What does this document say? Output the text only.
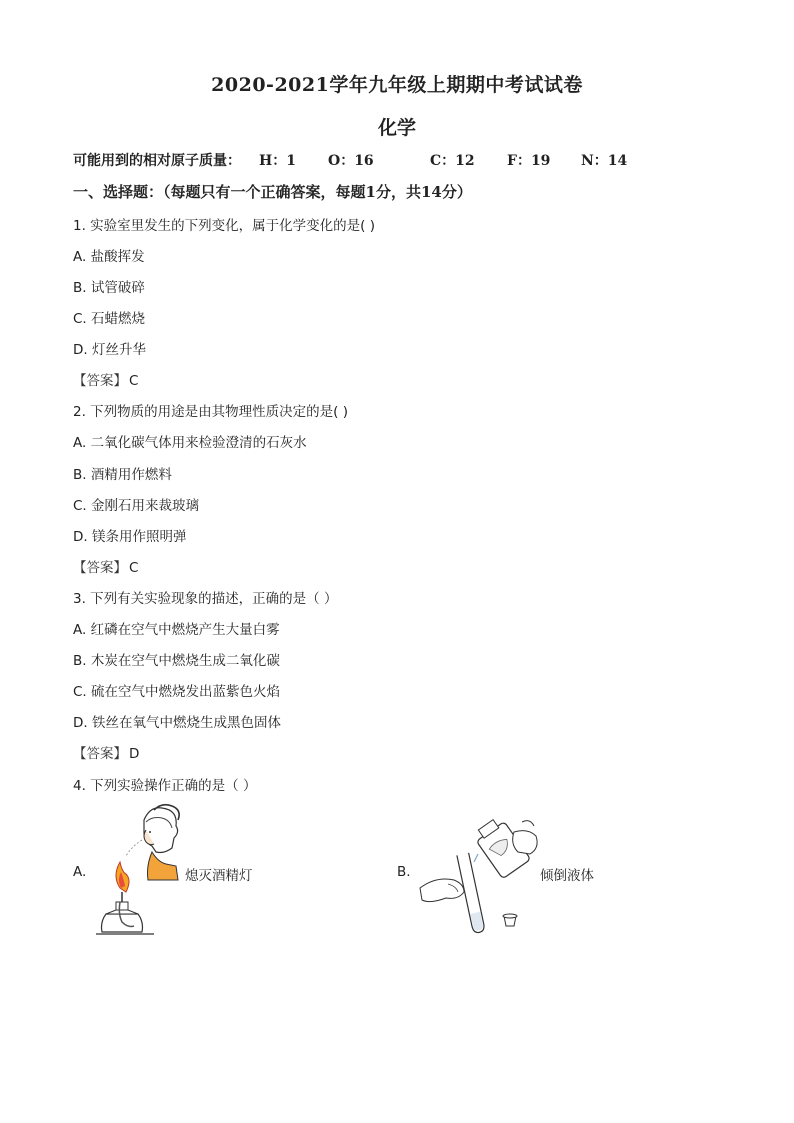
2020-2021学年九年级上期期中考试试卷
化学
可能用到的相对原子质量： H：1 O：16	C：12 F：19 N：14
一、选择题：（每题只有一个正确答案，每题1分，共14分）
1. 实验室里发生的下列变化，属于化学变化的是( )
A. 盐酸挥发
B. 试管破碎
C. 石蜡燃烧
D. 灯丝升华
【答案】 C
2. 下列物质的用途是由其物理性质决定的是( )
A. 二氧化碳气体用来检验澄清的石灰水
B. 酒精用作燃料
C. 金刚石用来裁玻璃
D. 镁条用作照明弹
【答案】 C
3. 下列有关实验现象的描述，正确的是（ ）
A. 红磷在空气中燃烧产生大量白雾
B. 木炭在空气中燃烧生成二氧化碳
C. 硫在空气中燃烧发出蓝紫色火焰
D. 铁丝在氧气中燃烧生成黑色固体
【答案】 D
4. 下列实验操作正确的是（ ）
A.	熄灭酒精灯	B.	倾倒液体
